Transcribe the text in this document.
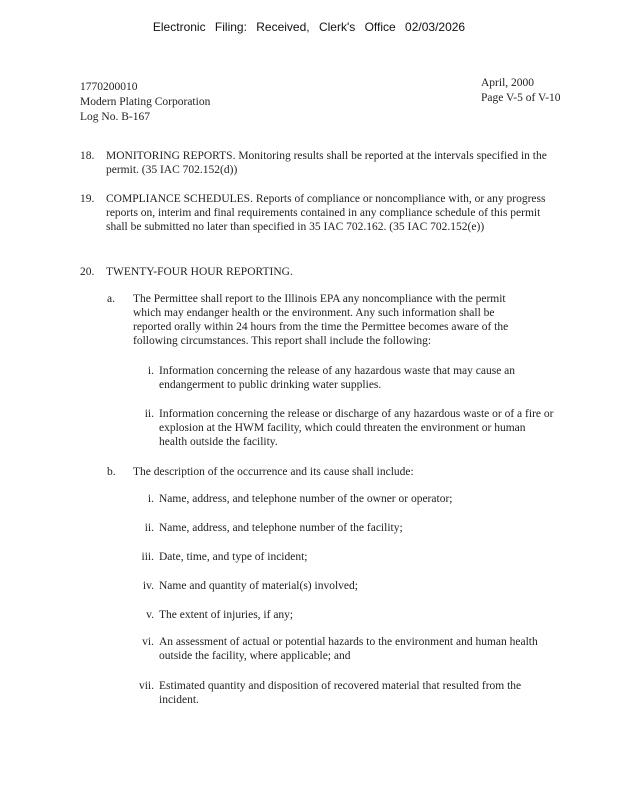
Electronic Filing: Received, Clerk's Office 02/03/2026
1770200010
Modern Plating Corporation
Log No. B-167
April, 2000
Page V-5 of V-10
18. MONITORING REPORTS. Monitoring results shall be reported at the intervals specified in the permit. (35 IAC 702.152(d))
19. COMPLIANCE SCHEDULES. Reports of compliance or noncompliance with, or any progress reports on, interim and final requirements contained in any compliance schedule of this permit shall be submitted no later than specified in 35 IAC 702.162. (35 IAC 702.152(e))
20. TWENTY-FOUR HOUR REPORTING.
a. The Permittee shall report to the Illinois EPA any noncompliance with the permit which may endanger health or the environment. Any such information shall be reported orally within 24 hours from the time the Permittee becomes aware of the following circumstances. This report shall include the following:
i. Information concerning the release of any hazardous waste that may cause an endangerment to public drinking water supplies.
ii. Information concerning the release or discharge of any hazardous waste or of a fire or explosion at the HWM facility, which could threaten the environment or human health outside the facility.
b. The description of the occurrence and its cause shall include:
i. Name, address, and telephone number of the owner or operator;
ii. Name, address, and telephone number of the facility;
iii. Date, time, and type of incident;
iv. Name and quantity of material(s) involved;
v. The extent of injuries, if any;
vi. An assessment of actual or potential hazards to the environment and human health outside the facility, where applicable; and
vii. Estimated quantity and disposition of recovered material that resulted from the incident.
